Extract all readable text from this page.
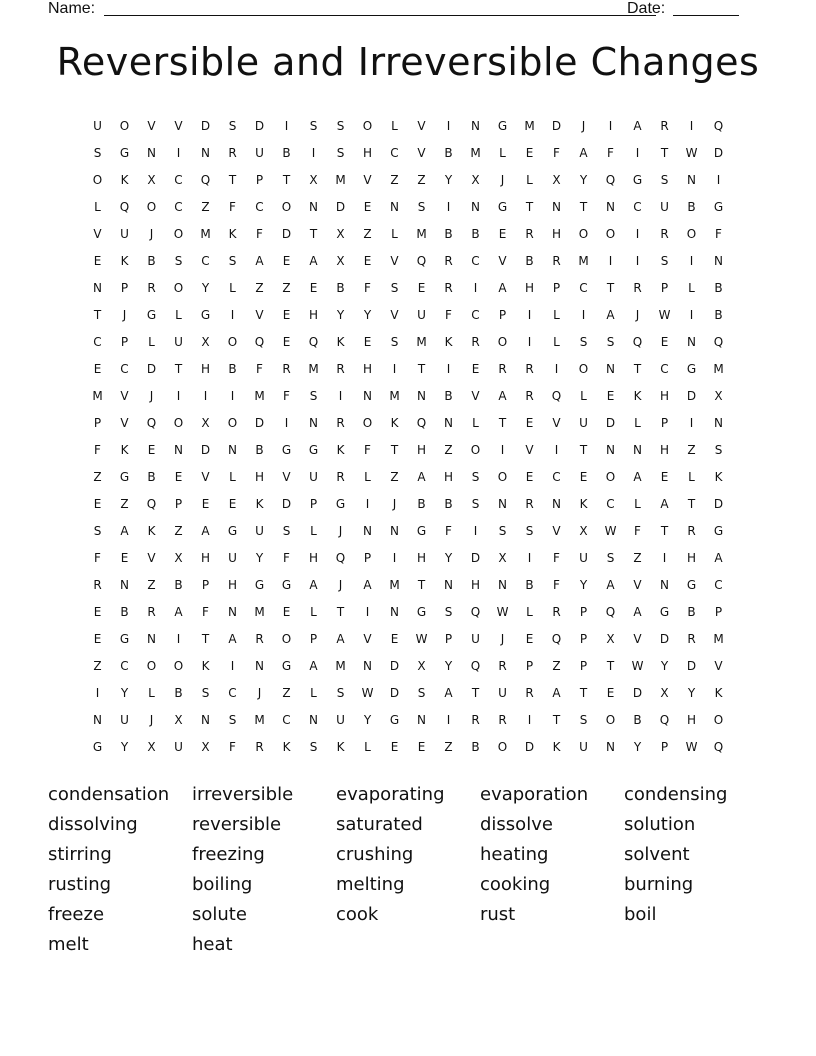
Name:	Date:
Reversible and Irreversible Changes
U	O	V	V	D	S	D	I	S	S	O	L	V	I	N	G	M	D	J	I	A	R	I	Q
S	G	N	I	N	R	U	B	I	S	H	C	V	B	M	L	E	F	A	F	I	T	W	D
O	K	X	C	Q	T	P	T	X	M	V	Z	Z	Y	X	J	L	X	Y	Q	G	S	N	I
L	Q	O	C	Z	F	C	O	N	D	E	N	S	I	N	G	T	N	T	N	C	U	B	G
V	U	J	O	M	K	F	D	T	X	Z	L	M	B	B	E	R	H	O	O	I	R	O	F
E	K	B	S	C	S	A	E	A	X	E	V	Q	R	C	V	B	R	M	I	I	S	I	N
N	P	R	O	Y	L	Z	Z	E	B	F	S	E	R	I	A	H	P	C	T	R	P	L	B
T	J	G	L	G	I	V	E	H	Y	Y	V	U	F	C	P	I	L	I	A	J	W	I	B
C	P	L	U	X	O	Q	E	Q	K	E	S	M	K	R	O	I	L	S	S	Q	E	N	Q
E	C	D	T	H	B	F	R	M	R	H	I	T	I	E	R	R	I	O	N	T	C	G	M
M	V	J	I	I	I	M	F	S	I	N	M	N	B	V	A	R	Q	L	E	K	H	D	X
P	V	Q	O	X	O	D	I	N	R	O	K	Q	N	L	T	E	V	U	D	L	P	I	N
F	K	E	N	D	N	B	G	G	K	F	T	H	Z	O	I	V	I	T	N	N	H	Z	S
Z	G	B	E	V	L	H	V	U	R	L	Z	A	H	S	O	E	C	E	O	A	E	L	K
E	Z	Q	P	E	E	K	D	P	G	I	J	B	B	S	N	R	N	K	C	L	A	T	D
S	A	K	Z	A	G	U	S	L	J	N	N	G	F	I	S	S	V	X	W	F	T	R	G
F	E	V	X	H	U	Y	F	H	Q	P	I	H	Y	D	X	I	F	U	S	Z	I	H	A
R	N	Z	B	P	H	G	G	A	J	A	M	T	N	H	N	B	F	Y	A	V	N	G	C
E	B	R	A	F	N	M	E	L	T	I	N	G	S	Q	W	L	R	P	Q	A	G	B	P
E	G	N	I	T	A	R	O	P	A	V	E	W	P	U	J	E	Q	P	X	V	D	R	M
Z	C	O	O	K	I	N	G	A	M	N	D	X	Y	Q	R	P	Z	P	T	W	Y	D	V
I	Y	L	B	S	C	J	Z	L	S	W	D	S	A	T	U	R	A	T	E	D	X	Y	K
N	U	J	X	N	S	M	C	N	U	Y	G	N	I	R	R	I	T	S	O	B	Q	H	O
G	Y	X	U	X	F	R	K	S	K	L	E	E	Z	B	O	D	K	U	N	Y	P	W	Q
condensation	irreversible	evaporating	evaporation	condensing
dissolving	reversible	saturated	dissolve	solution
stirring	freezing	crushing	heating	solvent
rusting	boiling	melting	cooking	burning
freeze	solute	cook	rust	boil
melt	heat
